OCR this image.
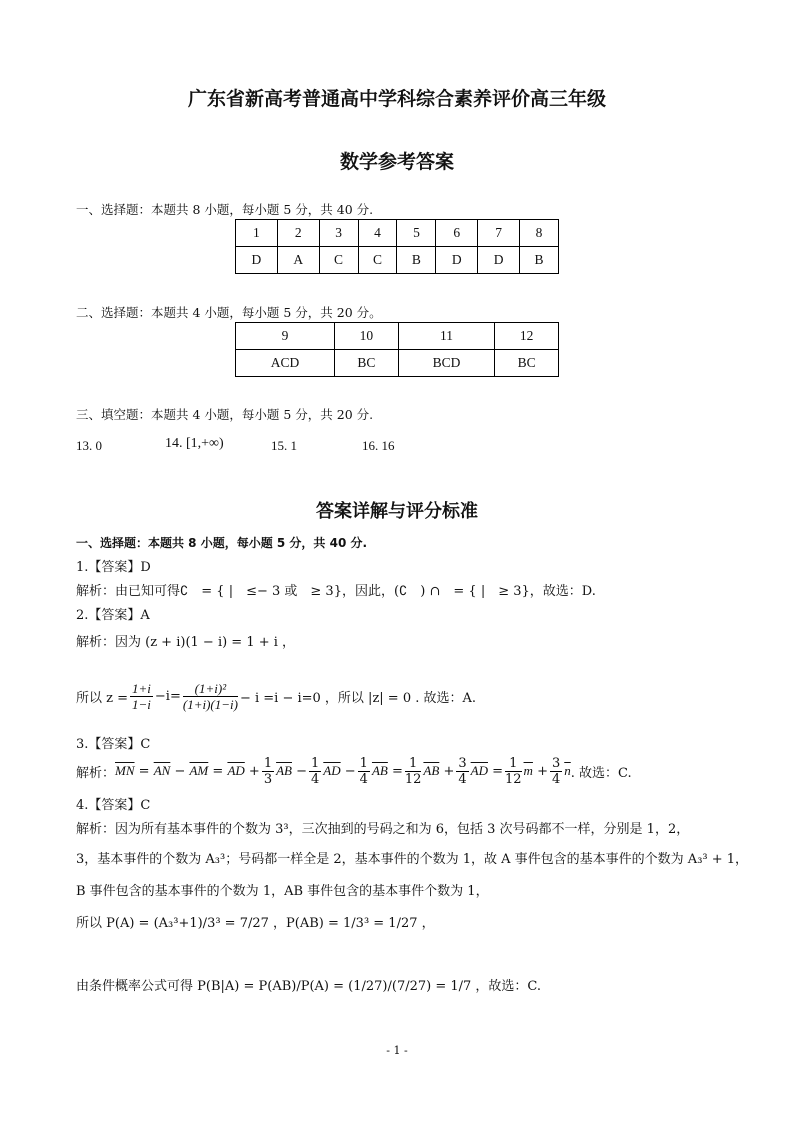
广东省新高考普通高中学科综合素养评价高三年级
数学参考答案
一、选择题：本题共 8 小题，每小题 5 分，共 40 分.
1	2	3	4	5	6	7	8
D	A	C	C	B	D	D	B
二、选择题：本题共 4 小题，每小题 5 分，共 20 分。
9	10	11	12
ACD	BC	BCD	BC
三、填空题：本题共 4 小题，每小题 5 分，共 20 分.
13. 0	14. [1,+∞)	15. 1	16. 16
答案详解与评分标准
一、选择题：本题共 8 小题，每小题 5 分，共 40 分.
1.【答案】D
解析：由已知可得∁　= { |　≤− 3 或　≥ 3}，因此，(∁　) ∩　= { |　≥ 3}，故选：D.
2.【答案】A
解析：因为 (z + i)(1 − i) = 1 + i ，
所以 $z = \frac{1+i}{1-i} -i= \frac{\text{(1+i)²}}{(1+i)(1-i)} - i =i - i=0$ ，所以 |z| = 0 . 故选：A.
3.【答案】C
解析： $\overline{MN} = \overline{AN} - \overline{AM} = \overline{AD} + \frac{1}{3} \overline{AB} - \frac{1}{4} \overline{AD} - \frac{1}{4} \overline{AB} = \frac{1}{12} \overline{AB} + \frac{3}{4} \overline{AD} = \frac{1}{12} \overline{m} + \frac{3}{4} \overline{n}$ . 故选：C.
4.【答案】C
解析：因为所有基本事件的个数为 3³，三次抽到的号码之和为 6，包括 3 次号码都不一样，分别是 1，2，
3，基本事件的个数为 A₃³；号码都一样全是 2，基本事件的个数为 1，故 A 事件包含的基本事件的个数为 A₃³ + 1，
B 事件包含的基本事件的个数为 1，AB 事件包含的基本事件个数为 1，
所以 P(A) = (A₃³+1)/3³ = 7/27 ，P(AB) = 1/3³ = 1/27 ，
由条件概率公式可得 P(B|A) = P(AB)/P(A) = (1/27)/(7/27) = 1/7 ，故选：C.
- 1 -
